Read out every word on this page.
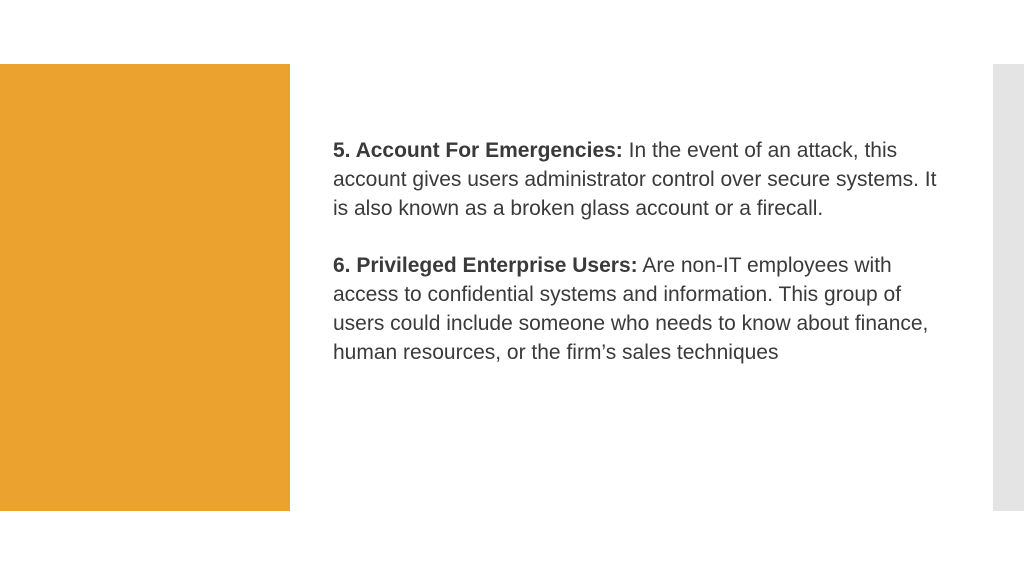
5. Account For Emergencies: In the event of an attack, this account gives users administrator control over secure systems. It is also known as a broken glass account or a firecall.

6. Privileged Enterprise Users: Are non-IT employees with access to confidential systems and information. This group of users could include someone who needs to know about finance, human resources, or the firm’s sales techniques
